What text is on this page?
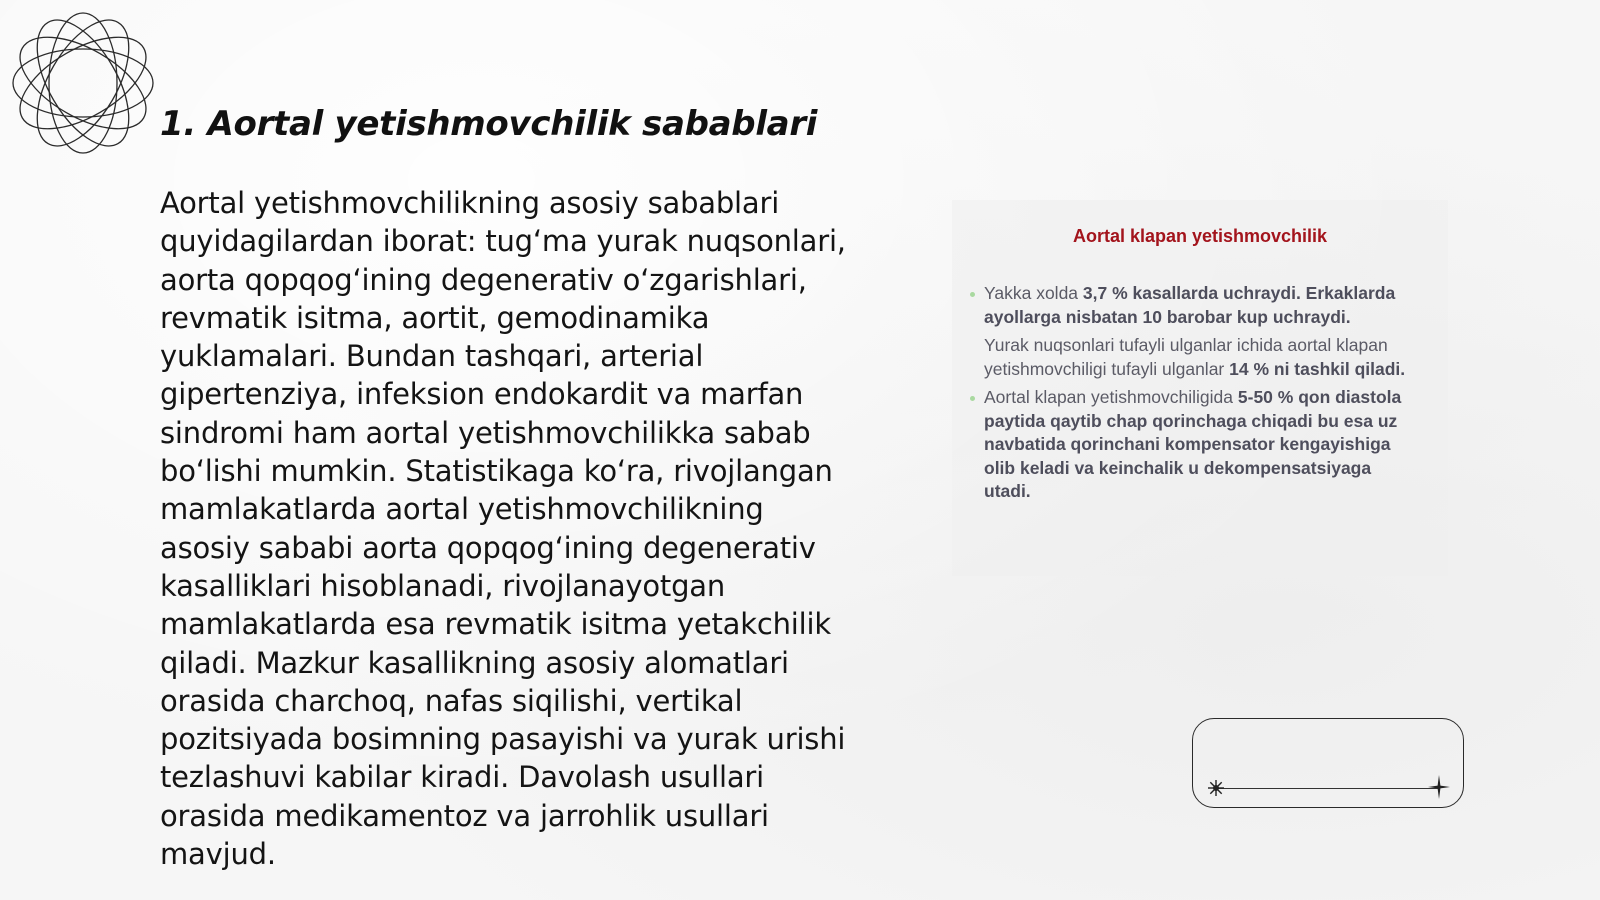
1. Aortal yetishmovchilik sabablari
Aortal yetishmovchilikning asosiy sabablari quyidagilardan iborat: tug‘ma yurak nuqsonlari, aorta qopqog‘ining degenerativ o‘zgarishlari, revmatik isitma, aortit, gemodinamika yuklamalari. Bundan tashqari, arterial gipertenziya, infeksion endokardit va marfan sindromi ham aortal yetishmovchilikka sabab bo‘lishi mumkin. Statistikaga ko‘ra, rivojlangan mamlakatlarda aortal yetishmovchilikning asosiy sababi aorta qopqog‘ining degenerativ kasalliklari hisoblanadi, rivojlanayotgan mamlakatlarda esa revmatik isitma yetakchilik qiladi. Mazkur kasallikning asosiy alomatlari orasida charchoq, nafas siqilishi, vertikal pozitsiyada bosimning pasayishi va yurak urishi tezlashuvi kabilar kiradi. Davolash usullari orasida medikamentoz va jarrohlik usullari mavjud.
Aortal klapan yetishmovchilik
Yakka xolda 3,7 % kasallarda uchraydi. Erkaklarda ayollarga nisbatan 10 barobar kup uchraydi.
Yurak nuqsonlari tufayli ulganlar ichida aortal klapan yetishmovchiligi tufayli ulganlar 14 % ni tashkil qiladi.
Aortal klapan yetishmovchiligida 5-50 % qon diastola paytida qaytib chap qorinchaga chiqadi bu esa uz navbatida qorinchani kompensator kengayishiga olib keladi va keinchalik u dekompensatsiyaga utadi.
